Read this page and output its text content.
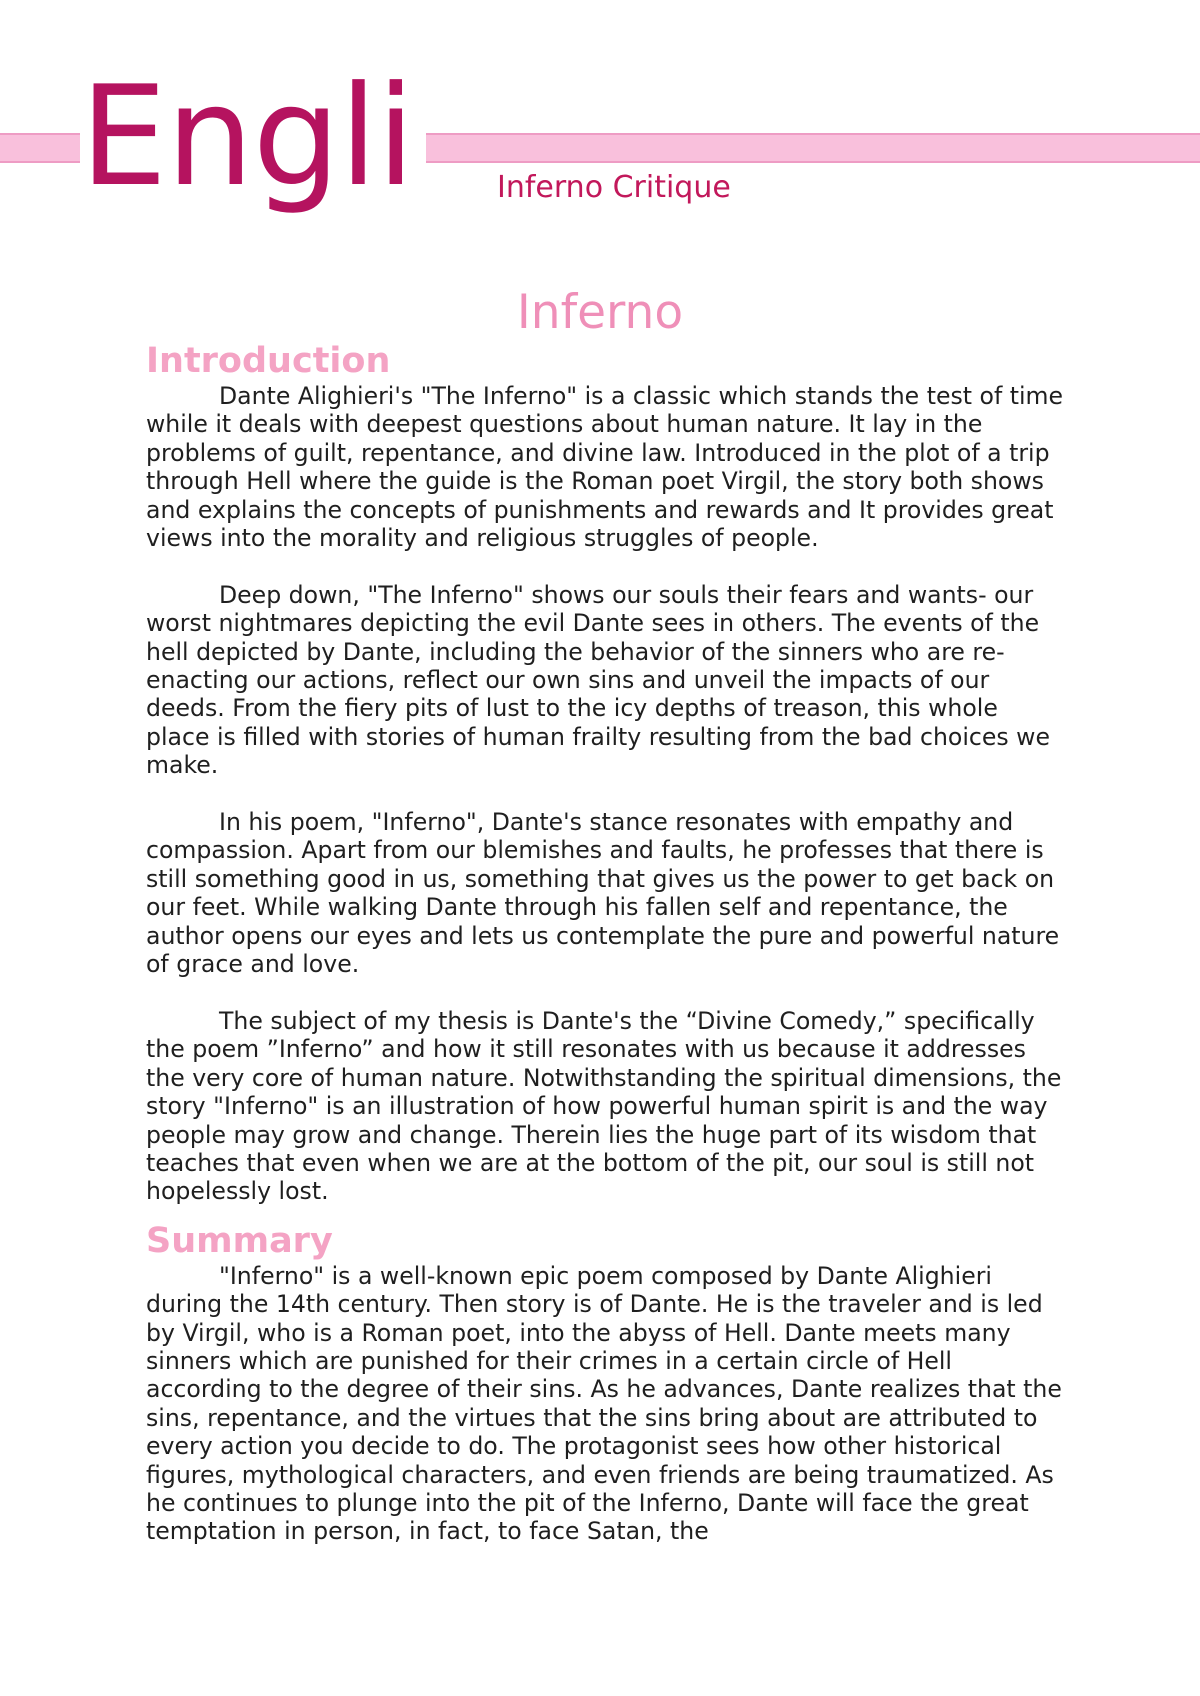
Engli	Inferno Critique
Inferno
Introduction

Dante Alighieri's "The Inferno" is a classic which stands the test of time while it deals with deepest questions about human nature. It lay in the problems of guilt, repentance, and divine law. Introduced in the plot of a trip through Hell where the guide is the Roman poet Virgil, the story both shows and explains the concepts of punishments and rewards and It provides great views into the morality and religious struggles of people.

Deep down, "The Inferno" shows our souls their fears and wants- our worst nightmares depicting the evil Dante sees in others. The events of the hell depicted by Dante, including the behavior of the sinners who are re-enacting our actions, reflect our own sins and unveil the impacts of our deeds. From the fiery pits of lust to the icy depths of treason, this whole place is filled with stories of human frailty resulting from the bad choices we make.

In his poem, "Inferno", Dante's stance resonates with empathy and compassion. Apart from our blemishes and faults, he professes that there is still something good in us, something that gives us the power to get back on our feet. While walking Dante through his fallen self and repentance, the author opens our eyes and lets us contemplate the pure and powerful nature of grace and love.

The subject of my thesis is Dante's the “Divine Comedy,” specifically the poem ”Inferno” and how it still resonates with us because it addresses the very core of human nature. Notwithstanding the spiritual dimensions, the story "Inferno" is an illustration of how powerful human spirit is and the way people may grow and change. Therein lies the huge part of its wisdom that teaches that even when we are at the bottom of the pit, our soul is still not hopelessly lost.

Summary

"Inferno" is a well-known epic poem composed by Dante Alighieri during the 14th century. Then story is of Dante. He is the traveler and is led by Virgil, who is a Roman poet, into the abyss of Hell. Dante meets many sinners which are punished for their crimes in a certain circle of Hell according to the degree of their sins. As he advances, Dante realizes that the sins, repentance, and the virtues that the sins bring about are attributed to every action you decide to do. The protagonist sees how other historical figures, mythological characters, and even friends are being traumatized. As he continues to plunge into the pit of the Inferno, Dante will face the great temptation in person, in fact, to face Satan, the
